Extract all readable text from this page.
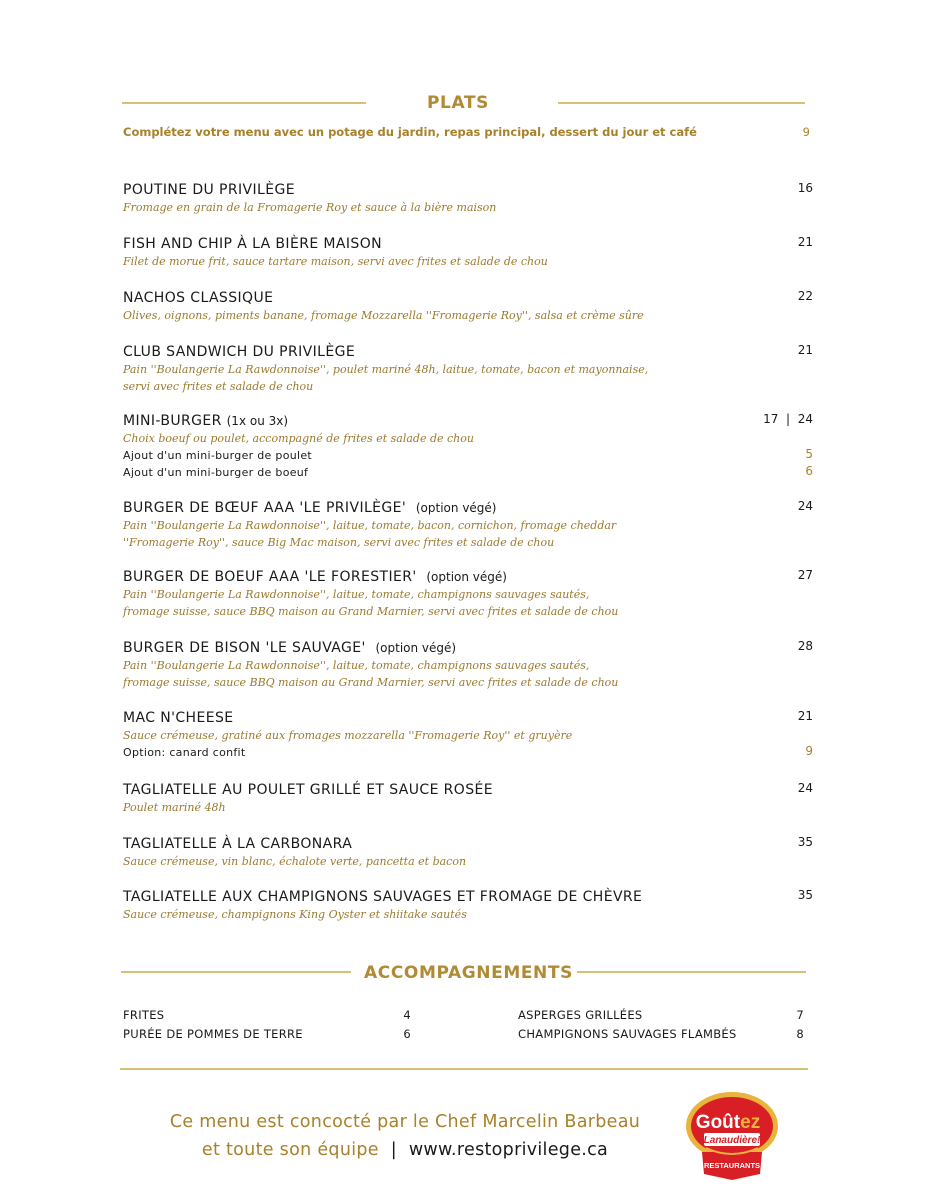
PLATS
Complétez votre menu avec un potage du jardin, repas principal, dessert du jour et café	9
POUTINE DU PRIVILÈGE
Fromage en grain de la Fromagerie Roy et sauce à la bière maison
16
FISH AND CHIP À LA BIÈRE MAISON
Filet de morue frit, sauce tartare maison, servi avec frites et salade de chou
21
NACHOS CLASSIQUE
Olives, oignons, piments banane, fromage Mozzarella ''Fromagerie Roy'', salsa et crème sûre
22
CLUB SANDWICH DU PRIVILÈGE
Pain ''Boulangerie La Rawdonnoise'', poulet mariné 48h, laitue, tomate, bacon et mayonnaise,
servi avec frites et salade de chou
21
MINI-BURGER (1x ou 3x)
Choix boeuf ou poulet, accompagné de frites et salade de chou
Ajout d'un mini-burger de poulet
Ajout d'un mini-burger de boeuf
17  |  24
5
6
BURGER DE BŒUF AAA 'LE PRIVILÈGE' (option végé)
Pain ''Boulangerie La Rawdonnoise'', laitue, tomate, bacon, cornichon, fromage cheddar
''Fromagerie Roy'', sauce Big Mac maison, servi avec frites et salade de chou
24
BURGER DE BOEUF AAA 'LE FORESTIER' (option végé)
Pain ''Boulangerie La Rawdonnoise'', laitue, tomate, champignons sauvages sautés,
fromage suisse, sauce BBQ maison au Grand Marnier, servi avec frites et salade de chou
27
BURGER DE BISON 'LE SAUVAGE' (option végé)
Pain ''Boulangerie La Rawdonnoise'', laitue, tomate, champignons sauvages sautés,
fromage suisse, sauce BBQ maison au Grand Marnier, servi avec frites et salade de chou
28
MAC N'CHEESE
Sauce crémeuse, gratiné aux fromages mozzarella ''Fromagerie Roy'' et gruyère
Option: canard confit
21
9
TAGLIATELLE AU POULET GRILLÉ ET SAUCE ROSÉE
Poulet mariné 48h
24
TAGLIATELLE À LA CARBONARA
Sauce crémeuse, vin blanc, échalote verte, pancetta et bacon
35
TAGLIATELLE AUX CHAMPIGNONS SAUVAGES ET FROMAGE DE CHÈVRE
Sauce crémeuse, champignons King Oyster et shiitake sautés
35
ACCOMPAGNEMENTS
FRITES	4
PURÉE DE POMMES DE TERRE	6
ASPERGES GRILLÉES	7
CHAMPIGNONS SAUVAGES FLAMBÉS	8
Ce menu est concocté par le Chef Marcelin Barbeau
et toute son équipe | www.restoprivilege.ca
Goûtez
Lanaudière!
RESTAURANTS
